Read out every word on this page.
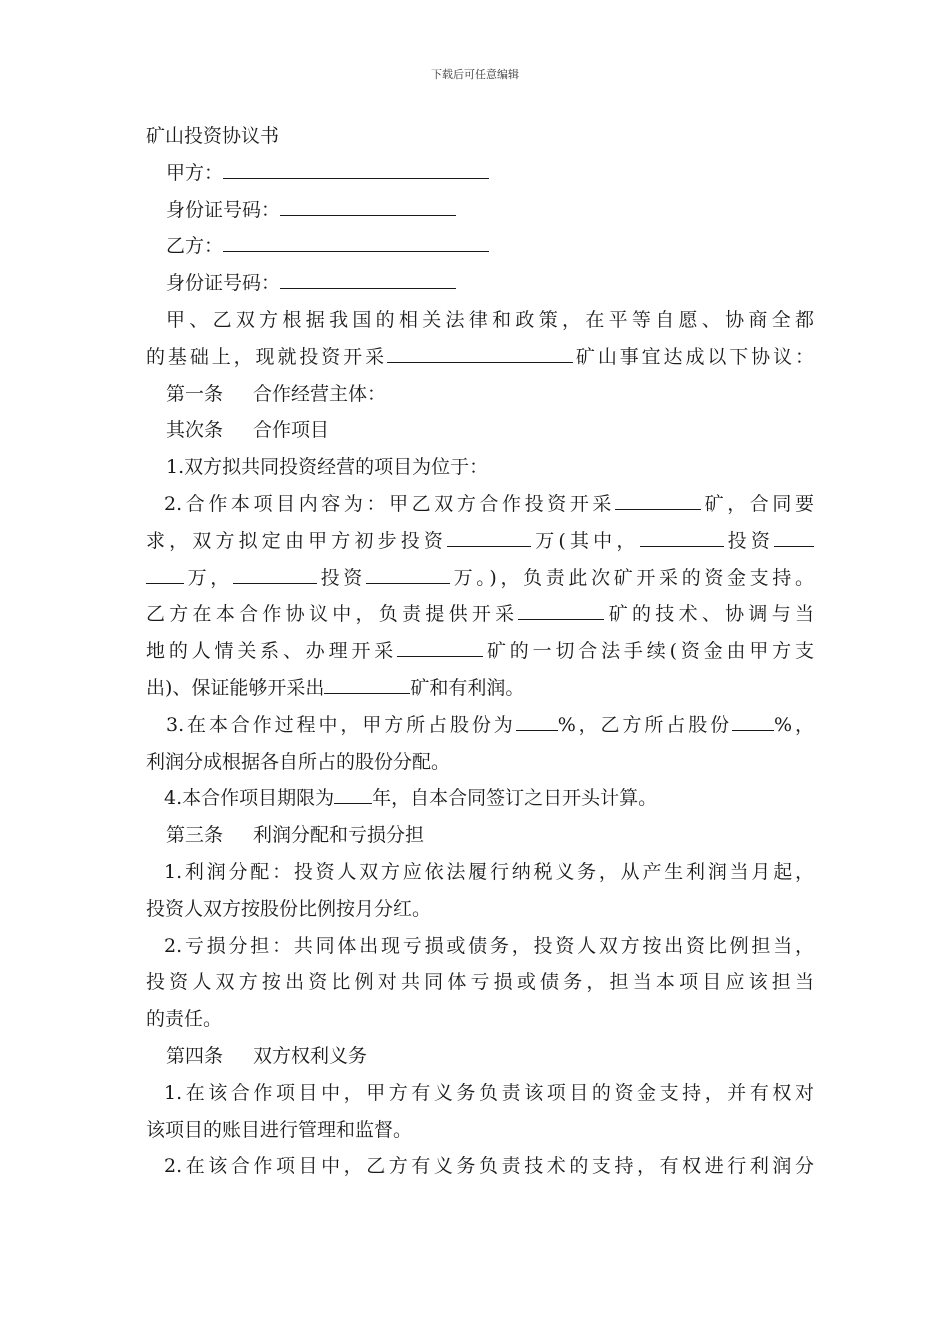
下载后可任意编辑
矿山投资协议书
甲方：
身份证号码：
乙方：
身份证号码：
甲、乙双方根据我国的相关法律和政策，在平等自愿、协商全都
的基础上，现就投资开采	矿山事宜达成以下协议：
第一条 合作经营主体：
其次条 合作项目
1.双方拟共同投资经营的项目为位于：
2.合作本项目内容为：甲乙双方合作投资开采	矿，合同要
求，双方拟定由甲方初步投资	万(其中，	投资
万，	投资	万。)，负责此次矿开采的资金支持。
乙方在本合作协议中，负责提供开采	矿的技术、协调与当
地的人情关系、办理开采	矿的一切合法手续(资金由甲方支
出)、保证能够开采出	矿和有利润。
3.在本合作过程中，甲方所占股份为 %，乙方所占股份 %，
利润分成根据各自所占的股份分配。
4.本合作项目期限为 年，自本合同签订之日开头计算。
第三条 利润分配和亏损分担
1.利润分配：投资人双方应依法履行纳税义务，从产生利润当月起，
投资人双方按股份比例按月分红。
2.亏损分担：共同体出现亏损或债务，投资人双方按出资比例担当，
投资人双方按出资比例对共同体亏损或债务，担当本项目应该担当
的责任。
第四条 双方权利义务
1.在该合作项目中，甲方有义务负责该项目的资金支持，并有权对
该项目的账目进行管理和监督。
2.在该合作项目中，乙方有义务负责技术的支持，有权进行利润分
